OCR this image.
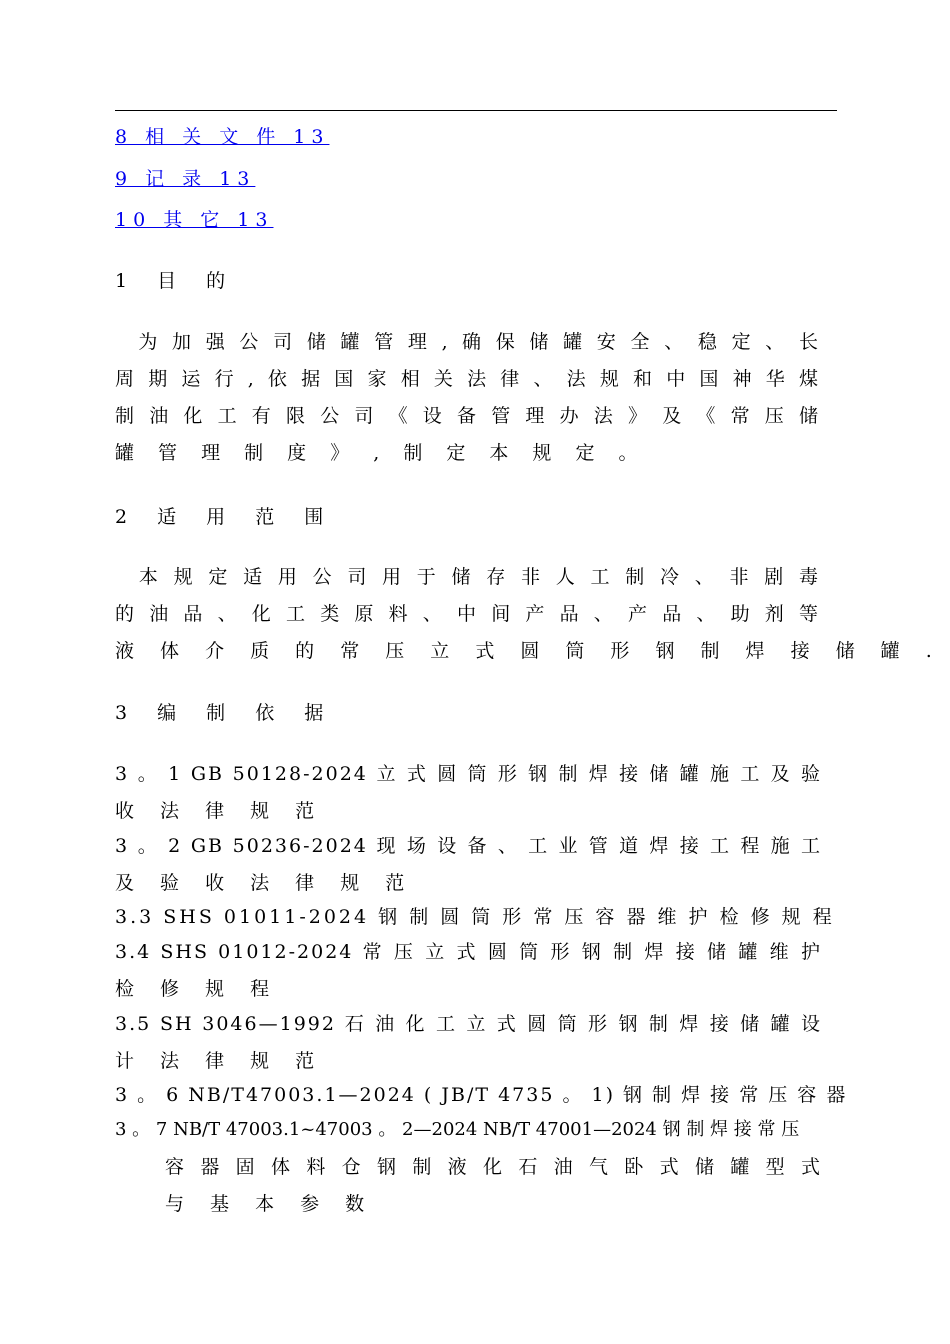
8 相 关 文 件 13
9 记 录 13
10 其 它 13
1 目 的
　为 加 强 公 司 储 罐 管 理 , 确 保 储 罐 安 全 、 稳 定 、 长
周 期 运 行 , 依 据 国 家 相 关 法 律 、 法 规 和 中 国 神 华 煤
制 油 化 工 有 限 公 司 《 设 备 管 理 办 法 》 及 《 常 压 储
罐 管 理 制 度 》 , 制 定 本 规 定 。
2 适 用 范 围
　本 规 定 适 用 公 司 用 于 储 存 非 人 工 制 冷 、 非 剧 毒
的 油 品 、 化 工 类 原 料 、 中 间 产 品 、 产 品 、 助 剂 等
液 体 介 质 的 常 压 立 式 圆 筒 形 钢 制 焊 接 储 罐 .
3 编 制 依 据
3 。 1 GB 50128-2024 立 式 圆 筒 形 钢 制 焊 接 储 罐 施 工 及 验
收 法 律 规 范
3 。 2 GB 50236-2024 现 场 设 备 、 工 业 管 道 焊 接 工 程 施 工
及 验 收 法 律 规 范
3.3 SHS 01011-2024 钢 制 圆 筒 形 常 压 容 器 维 护 检 修 规 程
3.4 SHS 01012-2024 常 压 立 式 圆 筒 形 钢 制 焊 接 储 罐 维 护
检 修 规 程
3.5 SH 3046—1992 石 油 化 工 立 式 圆 筒 形 钢 制 焊 接 储 罐 设
计 法 律 规 范
3 。 6 NB/T47003.1—2024 ( JB/T 4735 。 1) 钢 制 焊 接 常 压 容 器
3 。 7 NB/T 47003.1~47003 。 2—2024 NB/T 47001—2024 钢 制 焊 接 常 压
容 器 固 体 料 仓 钢 制 液 化 石 油 气 卧 式 储 罐 型 式
与 基 本 参 数
